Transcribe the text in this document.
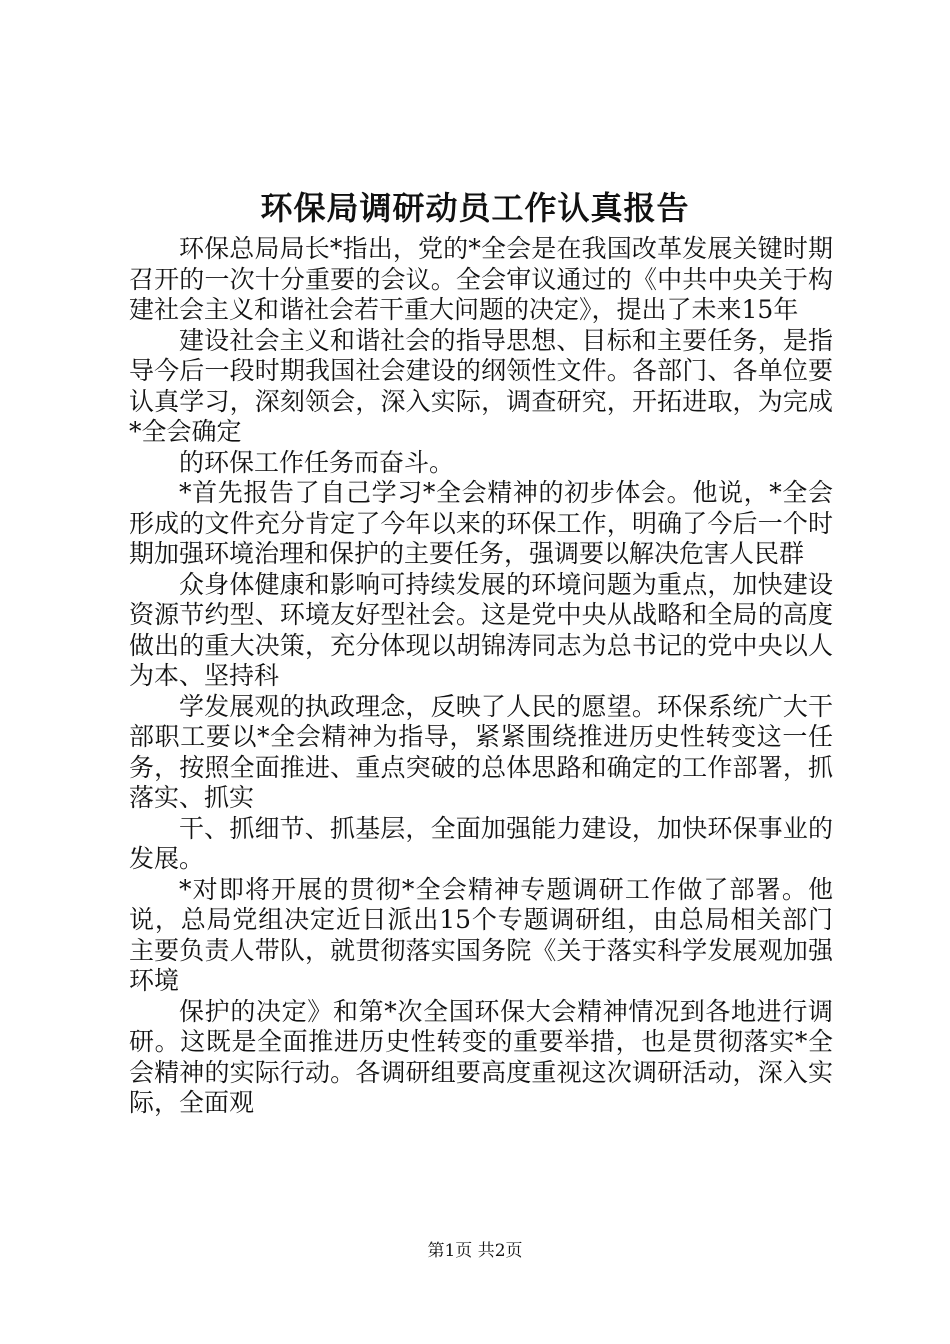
环保局调研动员工作认真报告

环保总局局长*指出，党的*全会是在我国改革发展关键时期召开的一次十分重要的会议。全会审议通过的《中共中央关于构建社会主义和谐社会若干重大问题的决定》，提出了未来15年

建设社会主义和谐社会的指导思想、目标和主要任务，是指导今后一段时期我国社会建设的纲领性文件。各部门、各单位要认真学习，深刻领会，深入实际，调查研究，开拓进取，为完成*全会确定

的环保工作任务而奋斗。

*首先报告了自己学习*全会精神的初步体会。他说，*全会形成的文件充分肯定了今年以来的环保工作，明确了今后一个时期加强环境治理和保护的主要任务，强调要以解决危害人民群

众身体健康和影响可持续发展的环境问题为重点，加快建设资源节约型、环境友好型社会。这是党中央从战略和全局的高度做出的重大决策，充分体现以胡锦涛同志为总书记的党中央以人为本、坚持科

学发展观的执政理念，反映了人民的愿望。环保系统广大干部职工要以*全会精神为指导，紧紧围绕推进历史性转变这一任务，按照全面推进、重点突破的总体思路和确定的工作部署，抓落实、抓实

干、抓细节、抓基层，全面加强能力建设，加快环保事业的发展。

*对即将开展的贯彻*全会精神专题调研工作做了部署。他说，总局党组决定近日派出15个专题调研组，由总局相关部门主要负责人带队，就贯彻落实国务院《关于落实科学发展观加强环境

保护的决定》和第*次全国环保大会精神情况到各地进行调研。这既是全面推进历史性转变的重要举措，也是贯彻落实*全会精神的实际行动。各调研组要高度重视这次调研活动，深入实际，全面观

第1页 共2页
